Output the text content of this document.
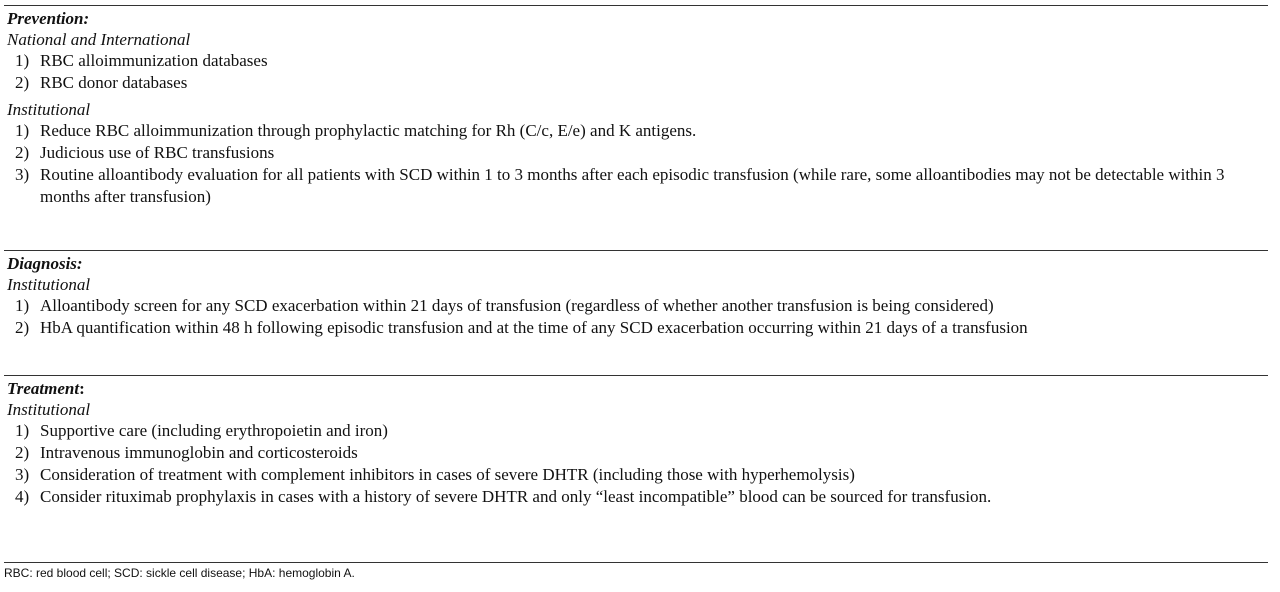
Prevention:
National and International
1) RBC alloimmunization databases
2) RBC donor databases
Institutional
1) Reduce RBC alloimmunization through prophylactic matching for Rh (C/c, E/e) and K antigens.
2) Judicious use of RBC transfusions
3) Routine alloantibody evaluation for all patients with SCD within 1 to 3 months after each episodic transfusion (while rare, some alloantibodies may not be detectable within 3 months after transfusion)
Diagnosis:
Institutional
1) Alloantibody screen for any SCD exacerbation within 21 days of transfusion (regardless of whether another transfusion is being considered)
2) HbA quantification within 48 h following episodic transfusion and at the time of any SCD exacerbation occurring within 21 days of a transfusion
Treatment:
Institutional
1) Supportive care (including erythropoietin and iron)
2) Intravenous immunoglobin and corticosteroids
3) Consideration of treatment with complement inhibitors in cases of severe DHTR (including those with hyperhemolysis)
4) Consider rituximab prophylaxis in cases with a history of severe DHTR and only “least incompatible” blood can be sourced for transfusion.
RBC: red blood cell; SCD: sickle cell disease; HbA: hemoglobin A.
